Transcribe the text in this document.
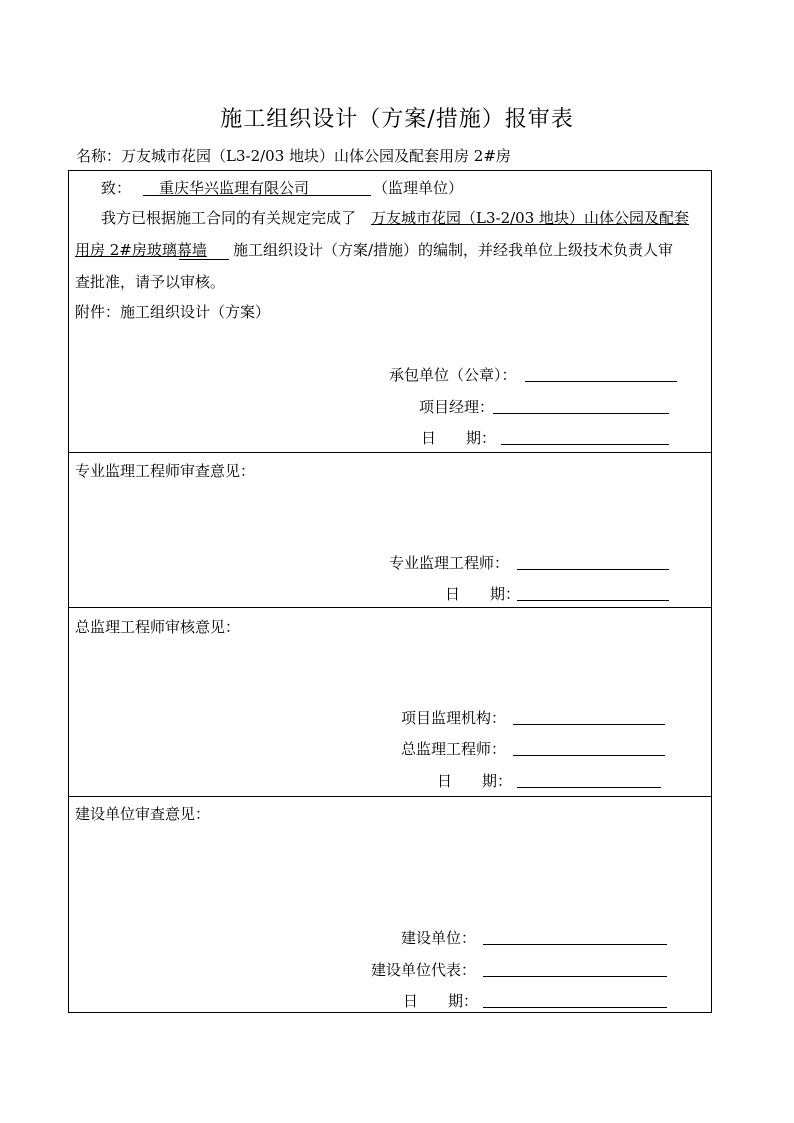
施工组织设计（方案/措施）报审表
名称：万友城市花园（L3-2/03 地块）山体公园及配套用房 2#房
致：	重庆华兴监理有限公司	（监理单位）
我方已根据施工合同的有关规定完成了 万友城市花园（L3-2/03 地块）山体公园及配套
用房 2#房玻璃幕墙	施工组织设计（方案/措施）的编制，并经我单位上级技术负责人审
查批准，请予以审核。
附件：施工组织设计（方案）
承包单位（公章）：
项目经理：
日　　期：
专业监理工程师审查意见：
专业监理工程师：
日　　期：
总监理工程师审核意见：
项目监理机构：
总监理工程师：
日　　期：
建设单位审查意见：
建设单位：
建设单位代表：
日　　期：
